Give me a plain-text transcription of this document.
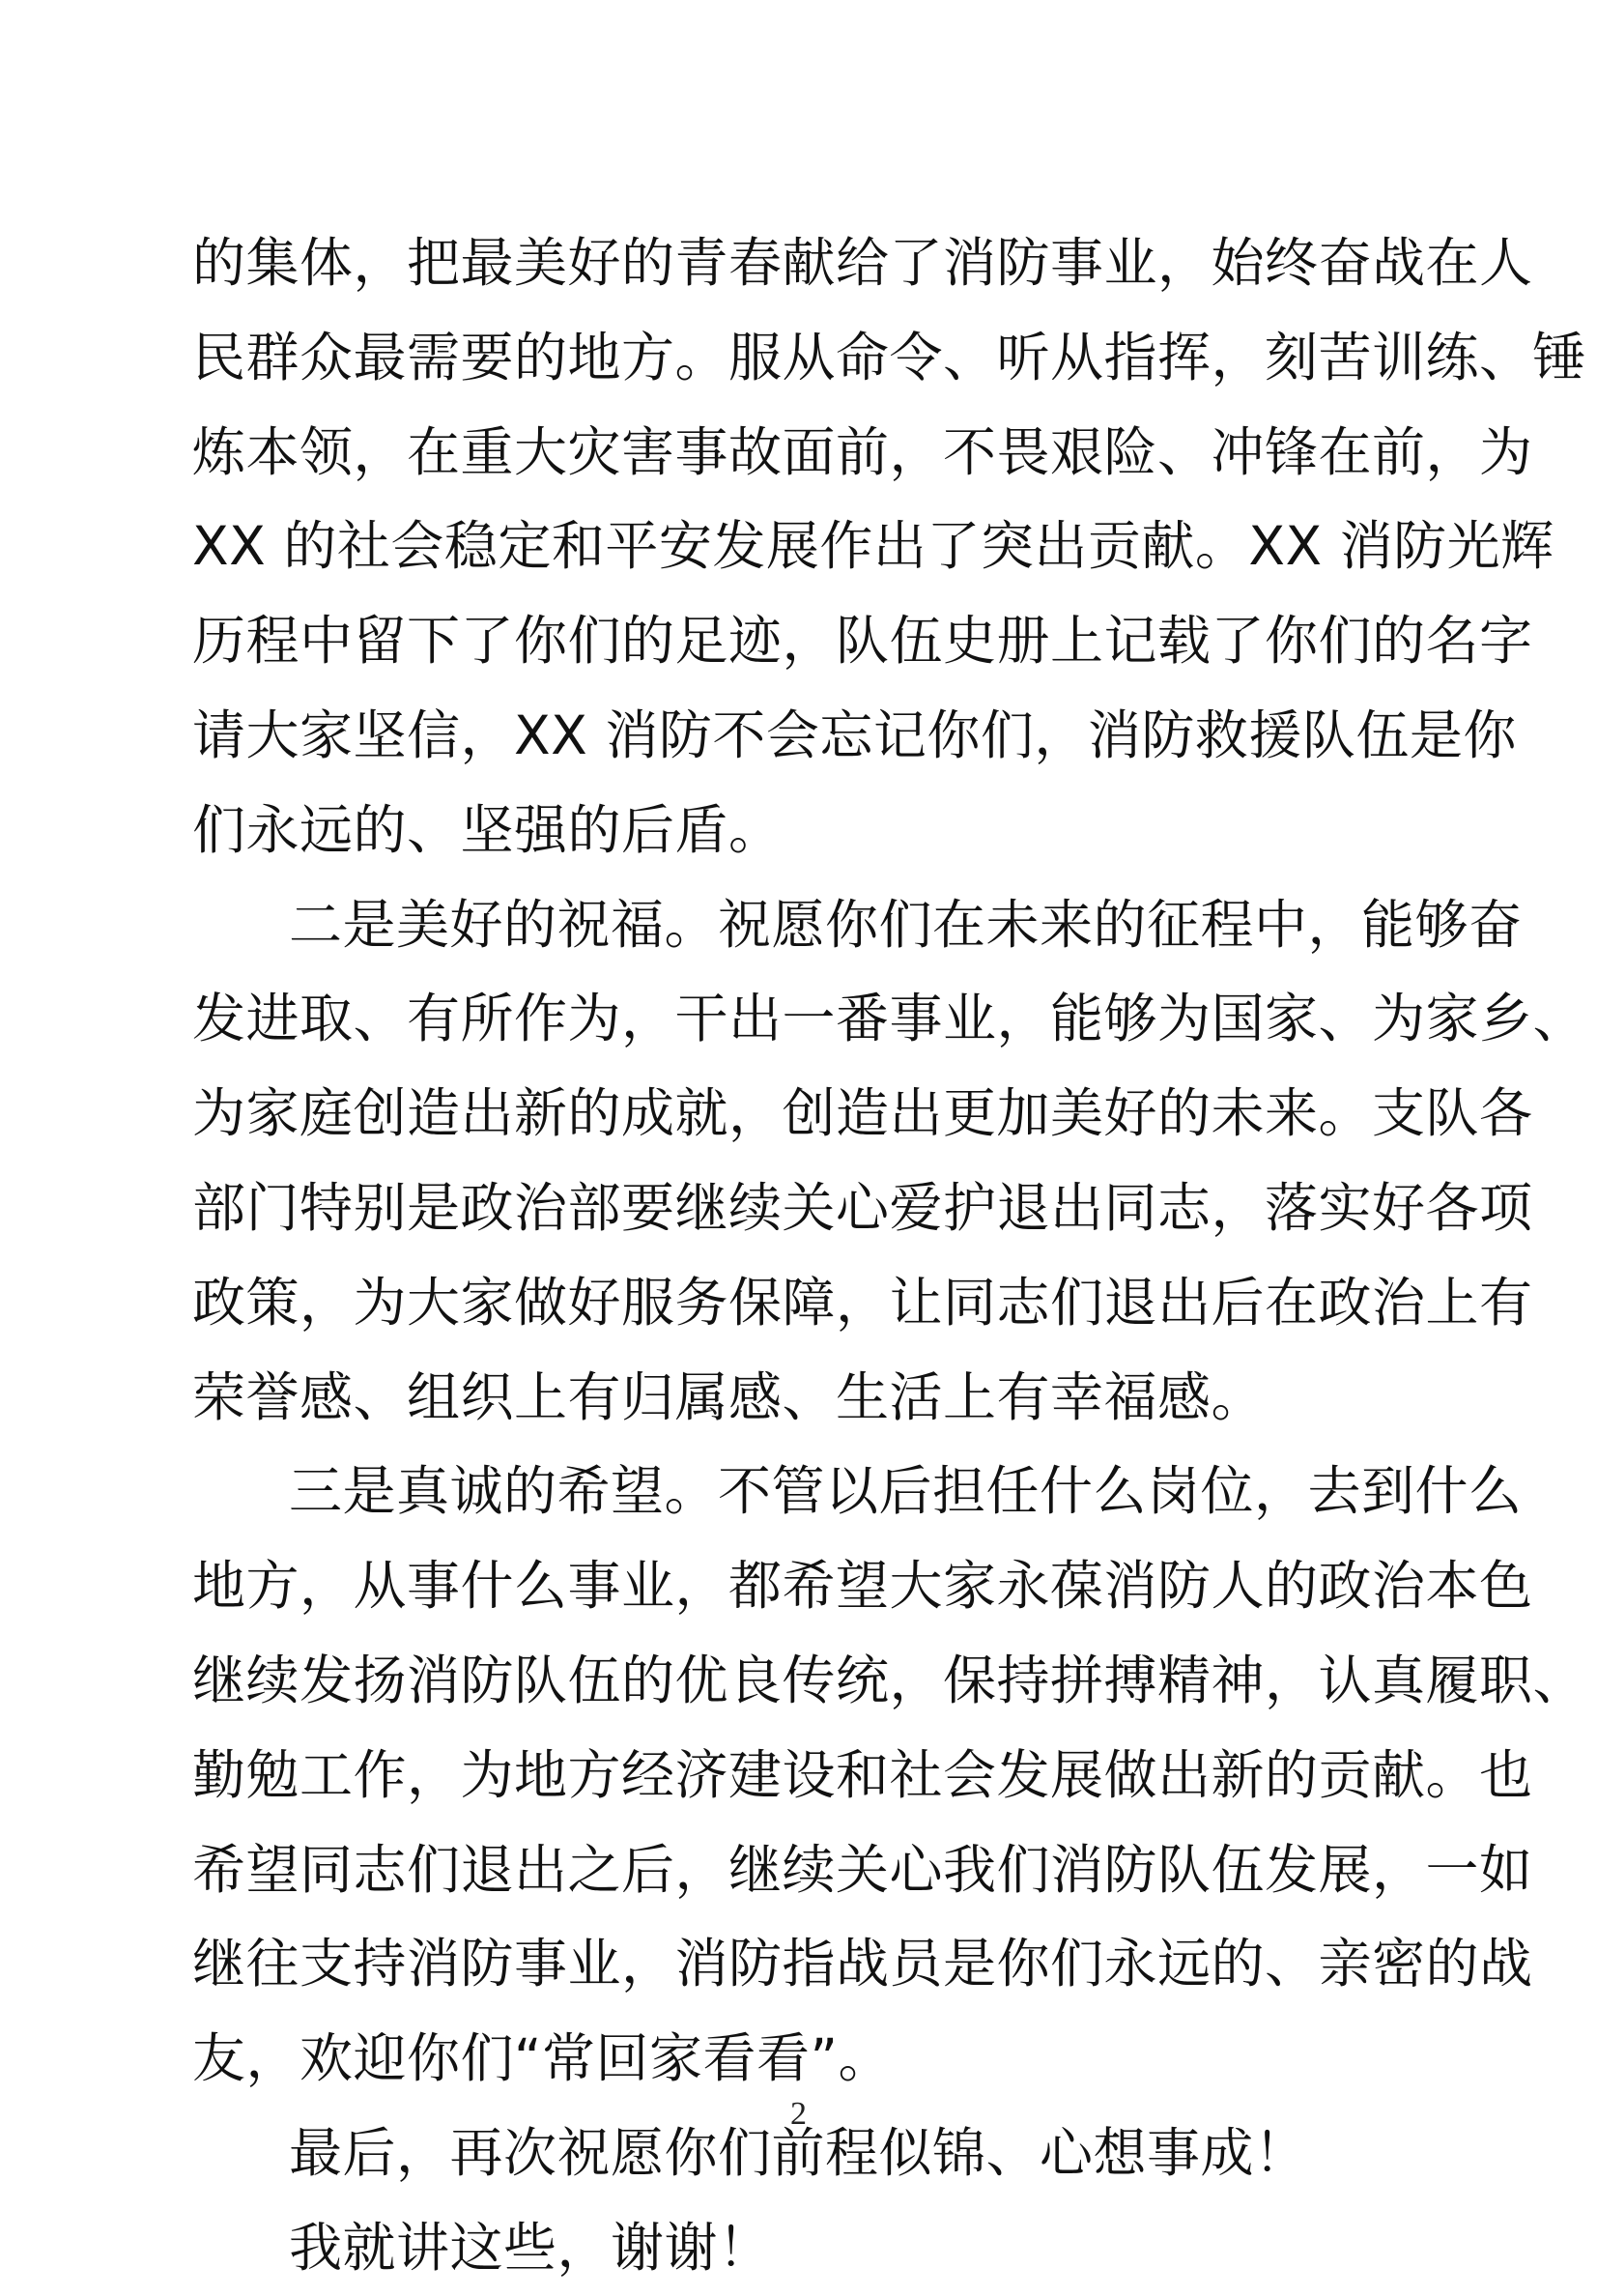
的集体，把最美好的青春献给了消防事业，始终奋战在人
民群众最需要的地方。服从命令、听从指挥，刻苦训练、锤
炼本领，在重大灾害事故面前，不畏艰险、冲锋在前，为
XX 的社会稳定和平安发展作出了突出贡献。XX 消防光辉
历程中留下了你们的足迹，队伍史册上记载了你们的名字
请大家坚信，XX 消防不会忘记你们，消防救援队伍是你
们永远的、坚强的后盾。
二是美好的祝福。祝愿你们在未来的征程中，能够奋
发进取、有所作为，干出一番事业，能够为国家、为家乡、
为家庭创造出新的成就，创造出更加美好的未来。支队各
部门特别是政治部要继续关心爱护退出同志，落实好各项
政策，为大家做好服务保障，让同志们退出后在政治上有
荣誉感、组织上有归属感、生活上有幸福感。
三是真诚的希望。不管以后担任什么岗位，去到什么
地方，从事什么事业，都希望大家永葆消防人的政治本色
继续发扬消防队伍的优良传统，保持拼搏精神，认真履职、
勤勉工作，为地方经济建设和社会发展做出新的贡献。也
希望同志们退出之后，继续关心我们消防队伍发展，一如
继往支持消防事业，消防指战员是你们永远的、亲密的战
友，欢迎你们“常回家看看”。
最后，再次祝愿你们前程似锦、心想事成！
我就讲这些，谢谢！
2
